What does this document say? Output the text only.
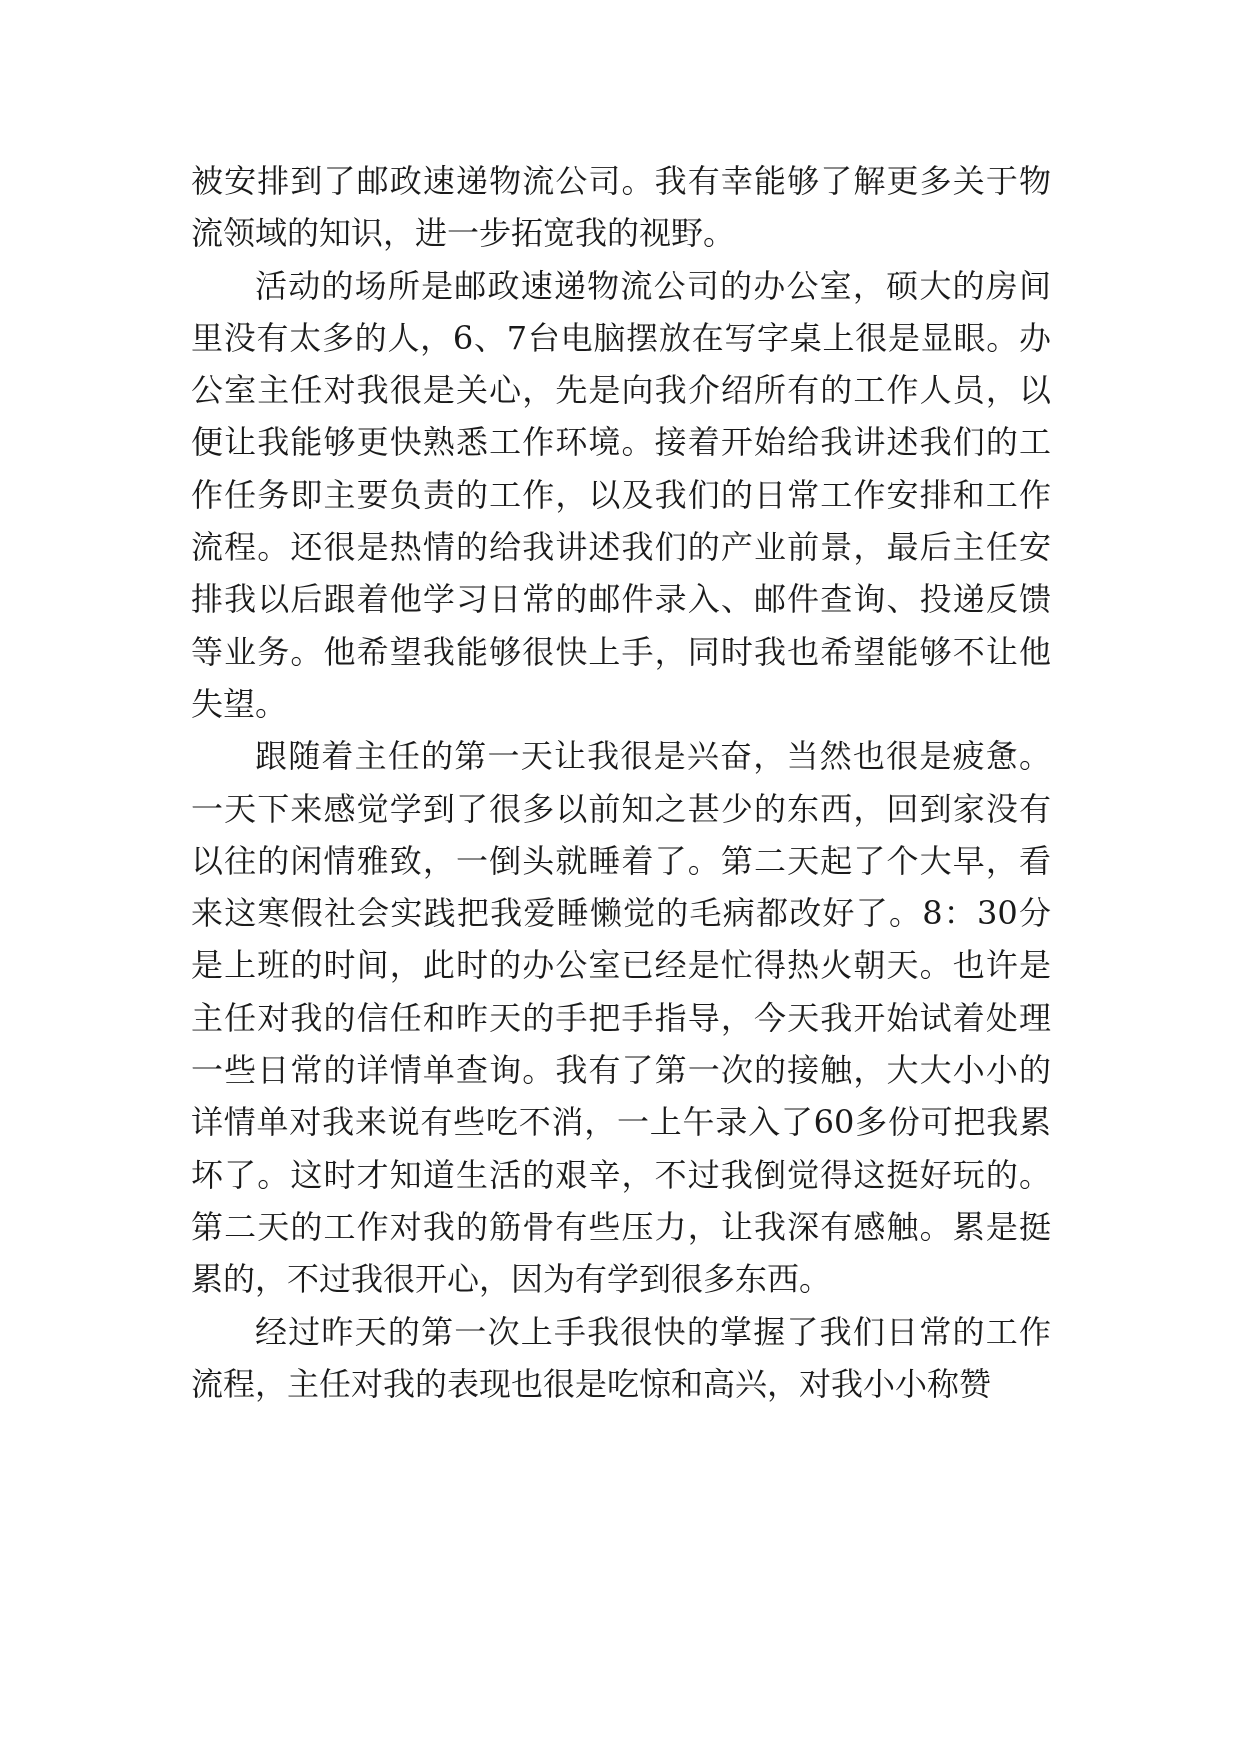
被安排到了邮政速递物流公司。我有幸能够了解更多关于物流领域的知识，进一步拓宽我的视野。

活动的场所是邮政速递物流公司的办公室，硕大的房间里没有太多的人，6、7台电脑摆放在写字桌上很是显眼。办公室主任对我很是关心，先是向我介绍所有的工作人员，以便让我能够更快熟悉工作环境。接着开始给我讲述我们的工作任务即主要负责的工作，以及我们的日常工作安排和工作流程。还很是热情的给我讲述我们的产业前景，最后主任安排我以后跟着他学习日常的邮件录入、邮件查询、投递反馈等业务。他希望我能够很快上手，同时我也希望能够不让他失望。

跟随着主任的第一天让我很是兴奋，当然也很是疲惫。一天下来感觉学到了很多以前知之甚少的东西，回到家没有以往的闲情雅致，一倒头就睡着了。第二天起了个大早，看来这寒假社会实践把我爱睡懒觉的毛病都改好了。8：30分是上班的时间，此时的办公室已经是忙得热火朝天。也许是主任对我的信任和昨天的手把手指导，今天我开始试着处理一些日常的详情单查询。我有了第一次的接触，大大小小的详情单对我来说有些吃不消，一上午录入了60多份可把我累坏了。这时才知道生活的艰辛，不过我倒觉得这挺好玩的。第二天的工作对我的筋骨有些压力，让我深有感触。累是挺累的，不过我很开心，因为有学到很多东西。

经过昨天的第一次上手我很快的掌握了我们日常的工作流程，主任对我的表现也很是吃惊和高兴，对我小小称赞
